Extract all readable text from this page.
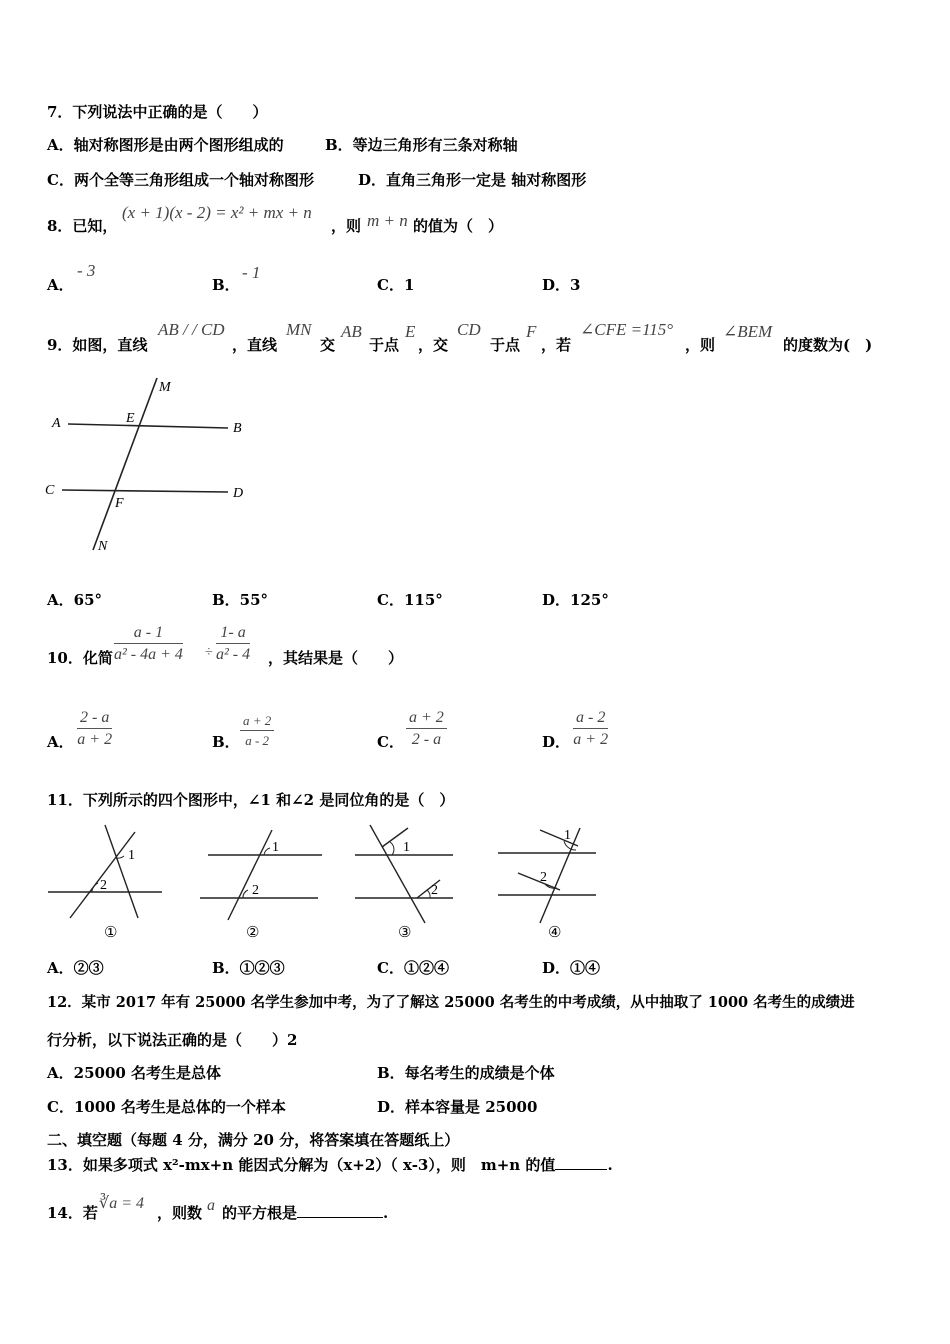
7．下列说法中正确的是（　　）
A．轴对称图形是由两个图形组成的	B．等边三角形有三条对称轴
C．两个全等三角形组成一个轴对称图形	D．直角三角形一定是 轴对称图形
8．已知，
(x + 1)(x - 2) = x² + mx + n
，则 m + n 的值为（　）
A．
- 3
B．
- 1
C．1	D．3
9．如图，直线
AB / / CD
，直线
MN
交
AB
于点
E
，交
CD
于点
F
，若
∠CFE =115°
，则
∠BEM
的度数为(　)
A	B
C	D
E
F
M
N
A．65°	B．55°	C．115°	D．125°
10．化简 $\frac{a - 1}{\text{a² - 4a + 4}} \div \frac{1- a}{\text{a² - 4}}$ ，其结果是（　　）
A． $\frac{2 - a}{a + 2}$	B． $\frac{a + 2}{a - 2}$	C． $\frac{a + 2}{2 - a}$	D． $\frac{a - 2}{a + 2}$
11．下列所示的四个图形中，∠1 和∠2 是同位角的是（　）
1
2
①
1
2
②
1
2
③
1
2
④
A．②③	B．①②③	C．①②④	D．①④
12．某市 2017 年有 25000 名学生参加中考，为了了解这 25000 名考生的中考成绩，从中抽取了 1000 名考生的成绩进
行分析，以下说法正确的是（　　）2
A．25000 名考生是总体	B．每名考生的成绩是个体
C．1000 名考生是总体的一个样本	D．样本容量是 25000
二、填空题（每题 4 分，满分 20 分，将答案填在答题纸上）
13．如果多项式 x²-mx+n 能因式分解为（x+2）（ x-3），则　m+n 的值	.
14．若
∛a = 4
，则数 a 的平方根是	.
